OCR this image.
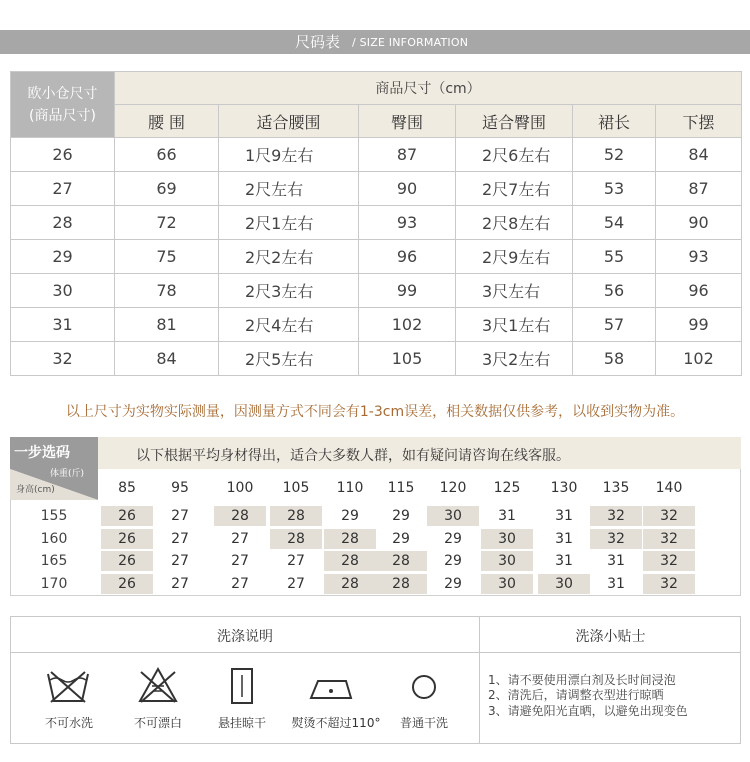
尺码表 / SIZE INFORMATION
欧小仓尺寸
(商品尺寸)	商品尺寸（cm）					
	腰 围	适合腰围	臀围	适合臀围	裙长	下摆
26	66	1尺9左右	87	2尺6左右	52	84
27	69	2尺左右	90	2尺7左右	53	87
28	72	2尺1左右	93	2尺8左右	54	90
29	75	2尺2左右	96	2尺9左右	55	93
30	78	2尺3左右	99	3尺左右	56	96
31	81	2尺4左右	102	3尺1左右	57	99
32	84	2尺5左右	105	3尺2左右	58	102
以上尺寸为实物实际测量，因测量方式不同会有1-3cm误差，相关数据仅供参考，以收到实物为准。
一步选码	以下根据平均身材得出，适合大多数人群，如有疑问请咨询在线客服。
体重(斤)
身高(cm)	85	95	100	105	110	115	120	125	130	135	140
155	26	27	28	28	29	29	30	31	31	32	32
160	26	27	27	28	28	29	29	30	31	32	32
165	26	27	27	27	28	28	29	30	31	31	32
170	26	27	27	27	28	28	29	30	30	31	32
洗涤说明	洗涤小贴士
不可水洗	不可漂白	悬挂晾干	熨烫不超过110°	普通干洗
1、请不要使用漂白剂及长时间浸泡
2、清洗后，请调整衣型进行晾晒
3、请避免阳光直晒，以避免出现变色
